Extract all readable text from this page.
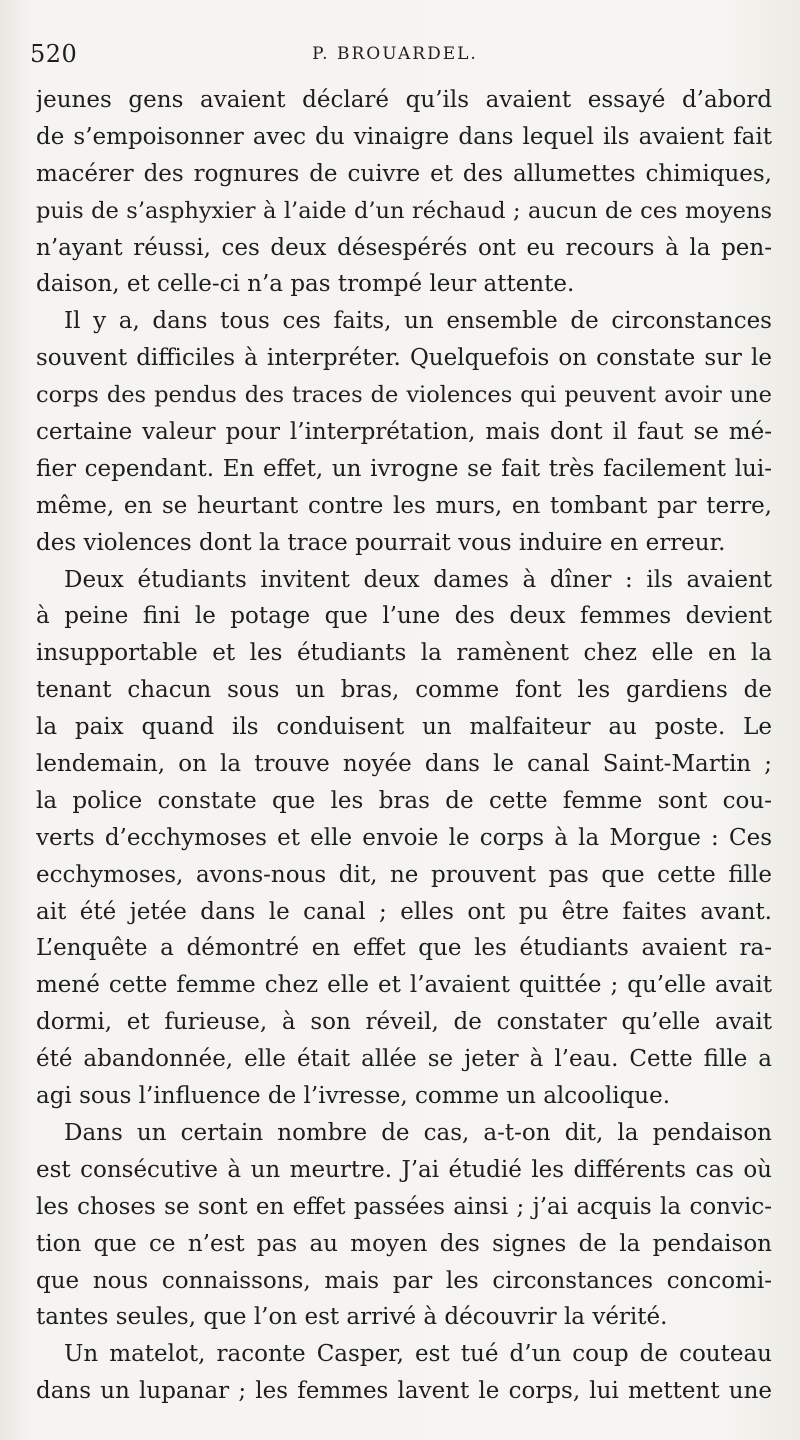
520	P. BROUARDEL.
jeunes gens avaient déclaré qu’ils avaient essayé d’abord
de s’empoisonner avec du vinaigre dans lequel ils avaient fait
macérer des rognures de cuivre et des allumettes chimiques,
puis de s’asphyxier à l’aide d’un réchaud ; aucun de ces moyens
n’ayant réussi, ces deux désespérés ont eu recours à la pen-
daison, et celle-ci n’a pas trompé leur attente.
Il y a, dans tous ces faits, un ensemble de circonstances
souvent difficiles à interpréter. Quelquefois on constate sur le
corps des pendus des traces de violences qui peuvent avoir une
certaine valeur pour l’interprétation, mais dont il faut se mé-
fier cependant. En effet, un ivrogne se fait très facilement lui-
même, en se heurtant contre les murs, en tombant par terre,
des violences dont la trace pourrait vous induire en erreur.
Deux étudiants invitent deux dames à dîner : ils avaient
à peine fini le potage que l’une des deux femmes devient
insupportable et les étudiants la ramènent chez elle en la
tenant chacun sous un bras, comme font les gardiens de
la paix quand ils conduisent un malfaiteur au poste. Le
lendemain, on la trouve noyée dans le canal Saint-Martin ;
la police constate que les bras de cette femme sont cou-
verts d’ecchymoses et elle envoie le corps à la Morgue : Ces
ecchymoses, avons-nous dit, ne prouvent pas que cette fille
ait été jetée dans le canal ; elles ont pu être faites avant.
L’enquête a démontré en effet que les étudiants avaient ra-
mené cette femme chez elle et l’avaient quittée ; qu’elle avait
dormi, et furieuse, à son réveil, de constater qu’elle avait
été abandonnée, elle était allée se jeter à l’eau. Cette fille a
agi sous l’influence de l’ivresse, comme un alcoolique.
Dans un certain nombre de cas, a-t-on dit, la pendaison
est consécutive à un meurtre. J’ai étudié les différents cas où
les choses se sont en effet passées ainsi ; j’ai acquis la convic-
tion que ce n’est pas au moyen des signes de la pendaison
que nous connaissons, mais par les circonstances concomi-
tantes seules, que l’on est arrivé à découvrir la vérité.
Un matelot, raconte Casper, est tué d’un coup de couteau
dans un lupanar ; les femmes lavent le corps, lui mettent une
